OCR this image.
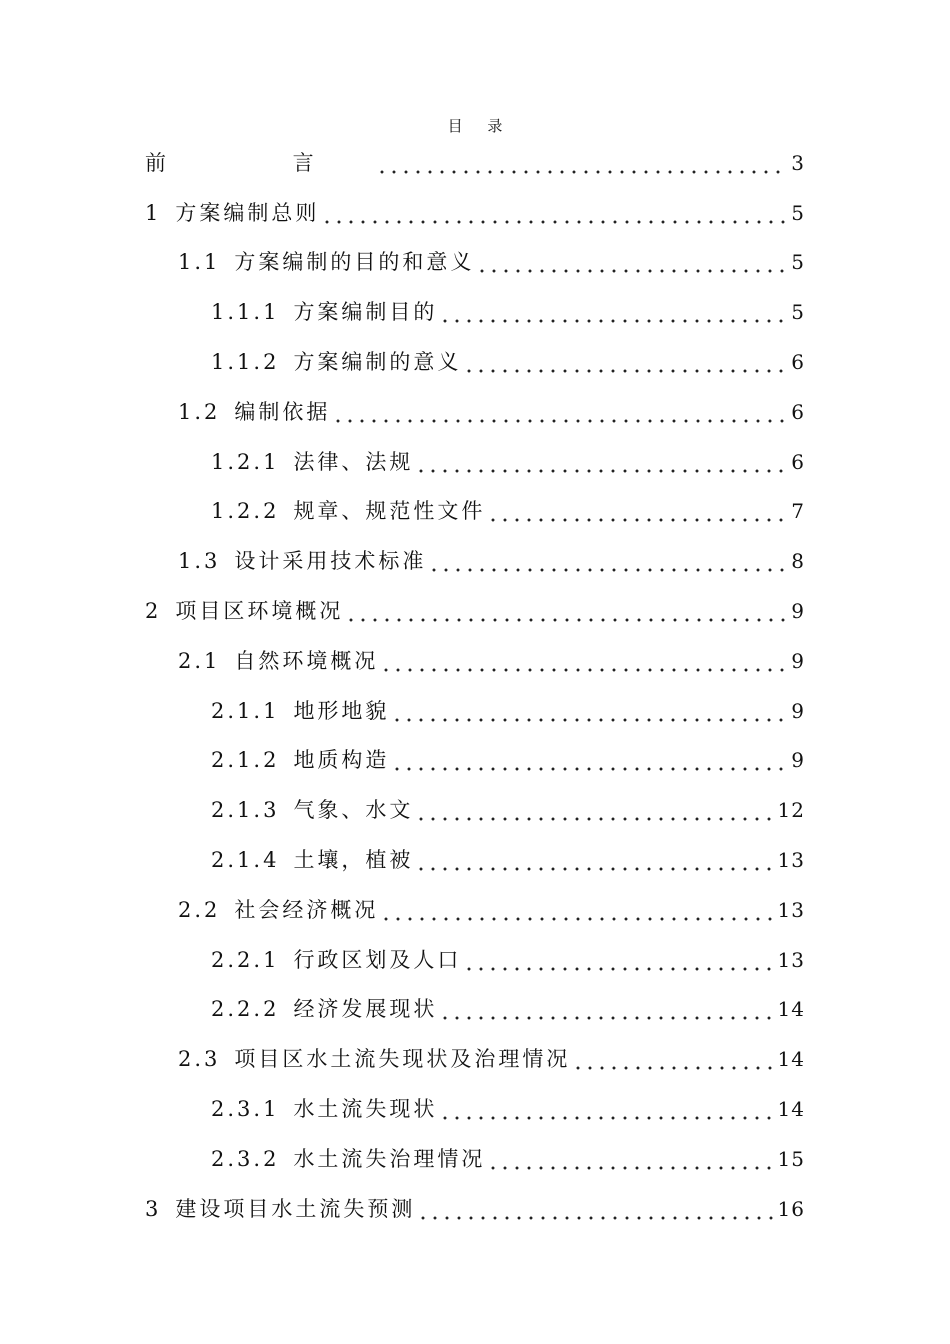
目 录
前 言	3
1 方案编制总则	5
1.1 方案编制的目的和意义	5
1.1.1 方案编制目的	5
1.1.2 方案编制的意义	6
1.2 编制依据	6
1.2.1 法律、法规	6
1.2.2 规章、规范性文件	7
1.3 设计采用技术标准	8
2 项目区环境概况	9
2.1 自然环境概况	9
2.1.1 地形地貌	9
2.1.2 地质构造	9
2.1.3 气象、水文	12
2.1.4 土壤，植被	13
2.2 社会经济概况	13
2.2.1 行政区划及人口	13
2.2.2 经济发展现状	14
2.3 项目区水土流失现状及治理情况	14
2.3.1 水土流失现状	14
2.3.2 水土流失治理情况	15
3 建设项目水土流失预测	16
